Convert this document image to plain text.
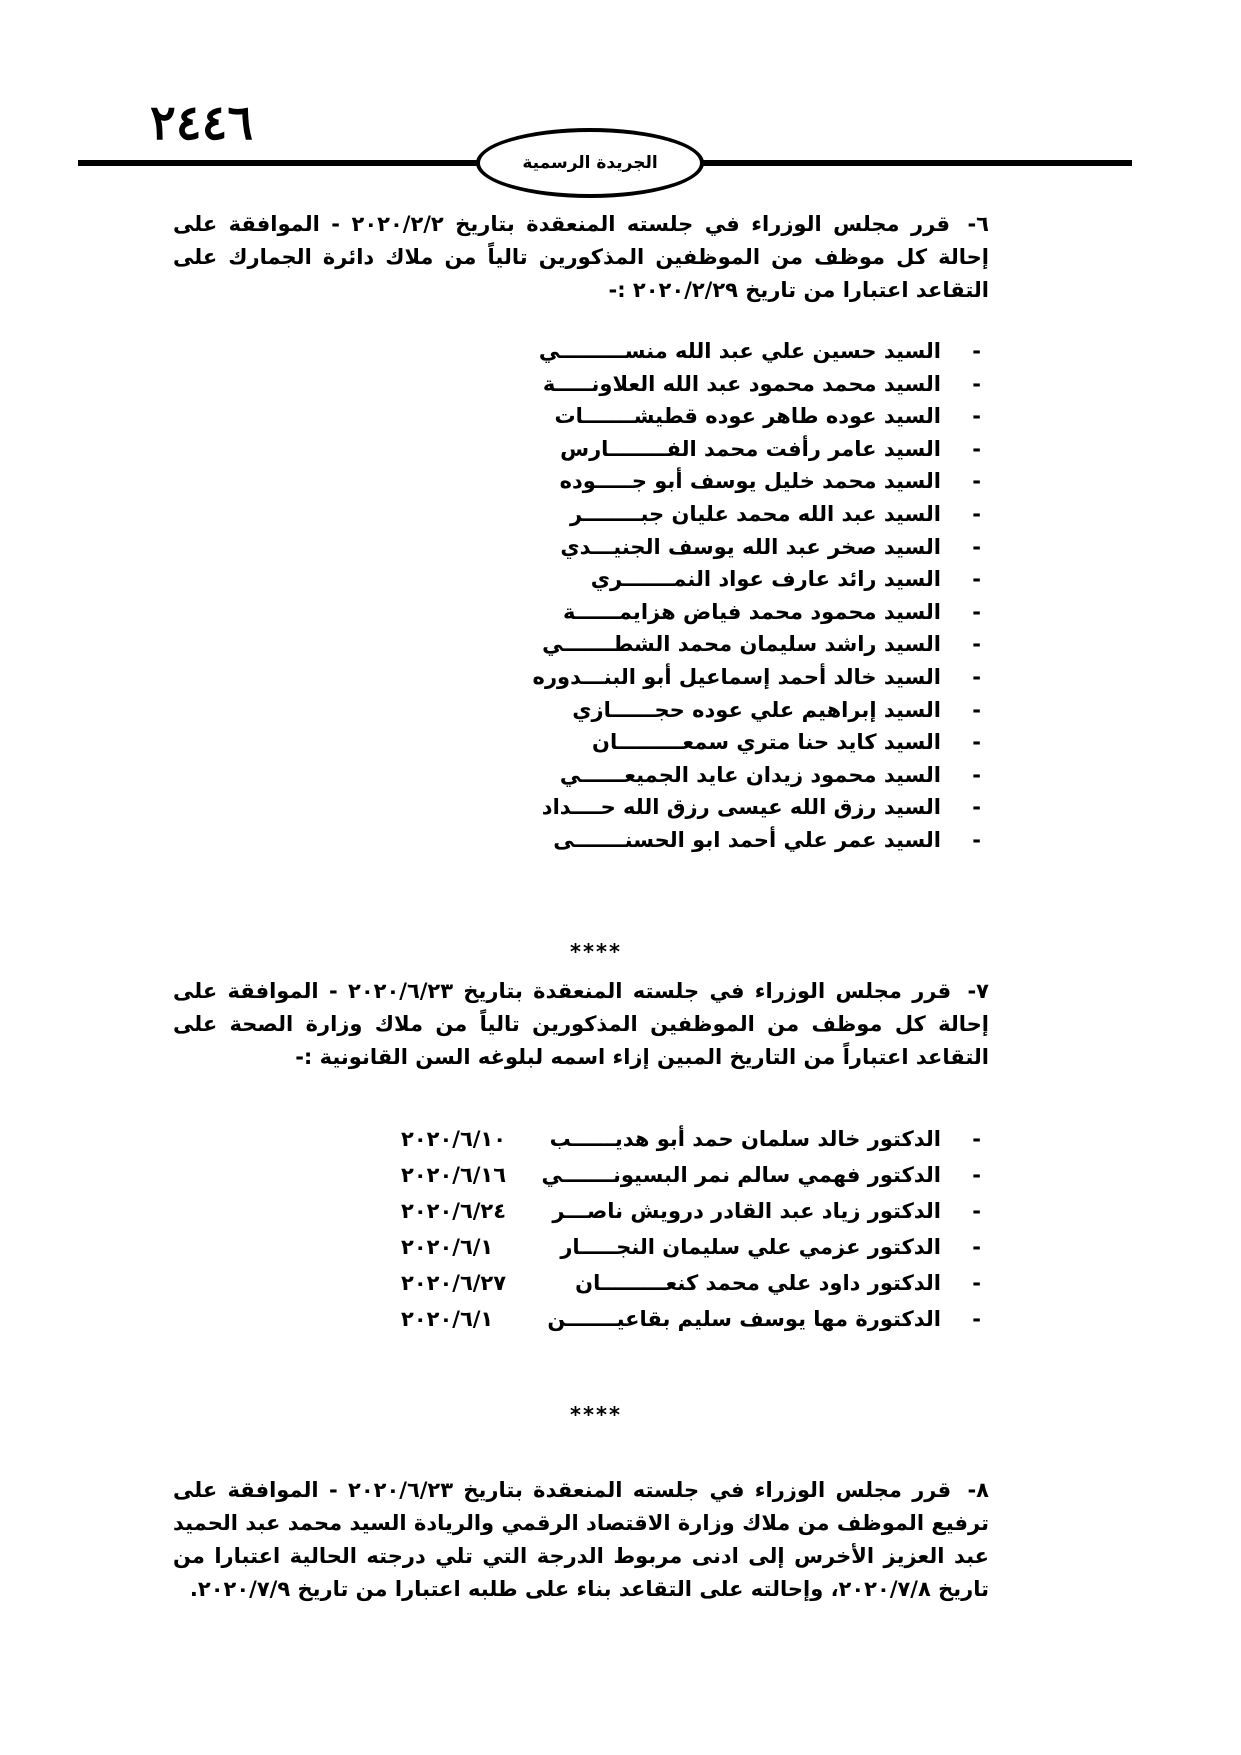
٢٤٤٦
الجريدة الرسمية
٦- قرر مجلس الوزراء في جلسته المنعقدة بتاريخ ٢٠٢٠/٢/٢ - الموافقة على إحالة كل موظف من الموظفين المذكورين تالياً من ملاك دائرة الجمارك على التقاعد اعتبارا من تاريخ ٢٠٢٠/٢/٢٩ :-
-السيد حسين علي عبد الله منســـــــــي
-السيد محمد محمود عبد الله العلاونـــــة
-السيد عوده طاهر عوده قطيشـــــــات
-السيد عامر رأفت محمد الفــــــــارس
-السيد محمد خليل يوسف أبو جـــــوده
-السيد عبد الله محمد عليان جبــــــــر
-السيد صخر عبد الله يوسف الجنيـــدي
-السيد رائد عارف عواد النمـــــــري
-السيد محمود محمد فياض هزايمــــــة
-السيد راشد سليمان محمد الشطـــــــي
-السيد خالد أحمد إسماعيل أبو البنـــدوره
-السيد إبراهيم علي عوده حجــــــازي
-السيد كايد حنا متري سمعـــــــــان
-السيد محمود زيدان عايد الجميعــــــي
-السيد رزق الله عيسى رزق الله حــــداد
-السيد عمر علي أحمد ابو الحسنـــــــى
****
٧- قرر مجلس الوزراء في جلسته المنعقدة بتاريخ ٢٠٢٠/٦/٢٣ - الموافقة على إحالة كل موظف من الموظفين المذكورين تالياً من ملاك وزارة الصحة على التقاعد اعتباراً من التاريخ المبين إزاء اسمه لبلوغه السن القانونية :-
-
الدكتور خالد سلمان حمد أبو هديــــــب
٢٠٢٠/٦/١٠
-
الدكتور فهمي سالم نمر البسيونـــــــي
٢٠٢٠/٦/١٦
-
الدكتور زياد عبد القادر درويش ناصـــر
٢٠٢٠/٦/٢٤
-
الدكتور عزمي علي سليمان النجـــــار
٢٠٢٠/٦/١
-
الدكتور داود علي محمد كنعـــــــــان
٢٠٢٠/٦/٢٧
-
الدكتورة مها يوسف سليم بقاعيـــــــن
٢٠٢٠/٦/١
****
٨- قرر مجلس الوزراء في جلسته المنعقدة بتاريخ ٢٠٢٠/٦/٢٣ - الموافقة على ترفيع الموظف من ملاك وزارة الاقتصاد الرقمي والريادة السيد محمد عبد الحميد عبد العزيز الأخرس إلى ادنى مربوط الدرجة التي تلي درجته الحالية اعتبارا من تاريخ ٢٠٢٠/٧/٨، وإحالته على التقاعد بناء على طلبه اعتبارا من تاريخ ٢٠٢٠/٧/٩.
